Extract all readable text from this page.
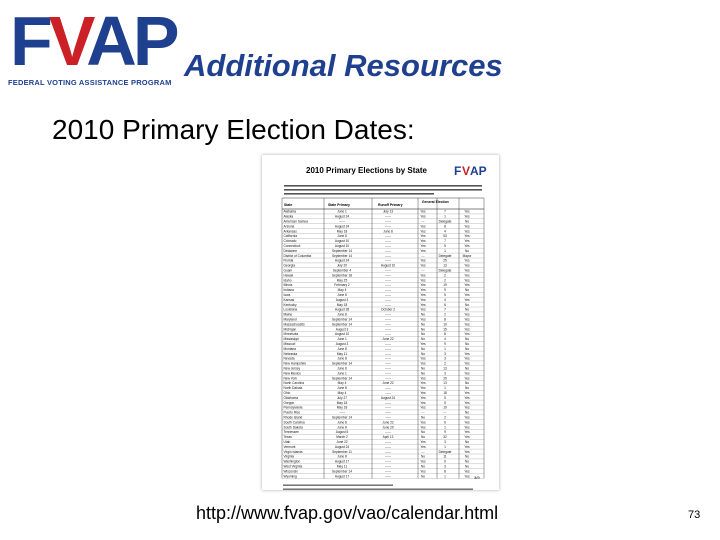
FVAP
FEDERAL VOTING ASSISTANCE PROGRAM Additional Resources
2010 Primary Election Dates:
2010 Primary Elections by State F V AP
State	State Primary	Runoff Primary
General Election
Alabama	June 1	July 13	Yes	7	Yes
Alaska	August 24	------	Yes	1	Yes
American Samoa	------	------	---	Delegate	No
Arizona	August 24	------	Yes	8	Yes
Arkansas	May 18	June 8	Yes	4	Yes
California	June 8	------	Yes	53	Yes
Colorado	August 10	------	Yes	7	Yes
Connecticut	August 10	------	Yes	5	Yes
Delaware	September 14	------	Yes	1	No
District of Columbia	September 14	------	---	Delegate	Mayor
Florida	August 24	------	Yes	25	Yes
Georgia	July 20	August 10	Yes	13	Yes
Guam	September 4	------	---	Delegate	Yes
Hawaii	September 18	------	Yes	2	Yes
Idaho	May 25	------	Yes	2	Yes
Illinois	February 2	------	Yes	19	Yes
Indiana	May 4	------	Yes	9	No
Iowa	June 8	------	Yes	5	Yes
Kansas	August 3	------	Yes	4	Yes
Kentucky	May 18	------	Yes	6	No
Louisiana	August 28	October 2	Yes	7	No
Maine	June 8	------	No	2	Yes
Maryland	September 14	------	Yes	8	Yes
Massachusetts	September 14	------	No	10	Yes
Michigan	August 3	------	No	15	Yes
Minnesota	August 10	------	No	8	Yes
Mississippi	June 1	June 22	No	4	No
Missouri	August 3	------	Yes	9	No
Montana	June 8	------	No	1	No
Nebraska	May 11	------	No	3	Yes
Nevada	June 8	------	Yes	3	Yes
New Hampshire	September 14	------	Yes	2	Yes
New Jersey	June 8	------	No	13	No
New Mexico	June 1	------	No	3	Yes
New York	September 14	------	Yes	29	Yes
North Carolina	May 4	June 22	Yes	13	No
North Dakota	June 8	------	Yes	1	No
Ohio	May 4	------	Yes	18	Yes
Oklahoma	July 27	August 24	Yes	5	Yes
Oregon	May 18	------	Yes	5	Yes
Pennsylvania	May 18	------	Yes	19	Yes
Puerto Rico	------	------	---	---	No
Rhode Island	September 14	------	No	2	Yes
South Carolina	June 8	June 22	Yes	6	Yes
South Dakota	June 8	June 29	Yes	1	Yes
Tennessee	August 5	------	No	9	Yes
Texas	March 2	April 13	No	32	Yes
Utah	June 22	------	Yes	3	No
Vermont	August 24	------	Yes	1	Yes
Virgin Islands	September 11	------	---	Delegate	Yes
Virginia	June 8	------	No	11	No
Washington	August 17	------	Yes	9	No
West Virginia	May 11	------	No	3	No
Wisconsin	September 14	------	Yes	8	Yes
Wyoming	August 17	------	No	1	Yes 3/9
http://www.fvap.gov/vao/calendar.html	73
